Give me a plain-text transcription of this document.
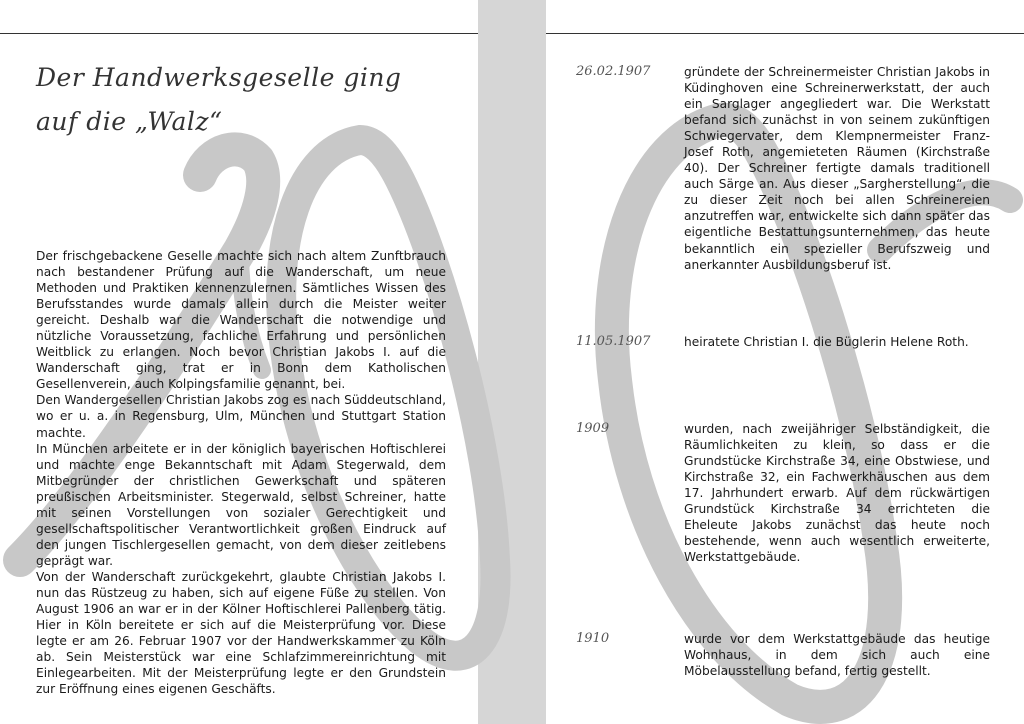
Der Handwerksgeselle ging
auf die „Walz“

Der frischgebackene Geselle machte sich nach altem Zunftbrauch nach bestandener Prüfung auf die Wanderschaft, um neue Methoden und Praktiken kennenzulernen. Sämtliches Wissen des Berufsstandes wurde damals allein durch die Meister weiter gereicht. Deshalb war die Wanderschaft die notwendige und nützliche Voraussetzung, fachliche Erfahrung und persönlichen Weitblick zu erlangen. Noch bevor Christian Jakobs I. auf die Wanderschaft ging, trat er in Bonn dem Katholischen Gesellenverein, auch Kolpingsfamilie genannt, bei.

Den Wandergesellen Christian Jakobs zog es nach Süddeutschland, wo er u. a. in Regensburg, Ulm, München und Stuttgart Station machte.

In München arbeitete er in der königlich bayerischen Hoftischlerei und machte enge Bekanntschaft mit Adam Stegerwald, dem Mitbegründer der christlichen Gewerkschaft und späteren preußischen Arbeitsminister. Stegerwald, selbst Schreiner, hatte mit seinen Vorstellungen von sozialer Gerechtigkeit und gesellschaftspolitischer Verantwortlichkeit großen Eindruck auf den jungen Tischlergesellen gemacht, von dem dieser zeitlebens geprägt war.

Von der Wanderschaft zurückgekehrt, glaubte Christian Jakobs I. nun das Rüstzeug zu haben, sich auf eigene Füße zu stellen. Von August 1906 an war er in der Kölner Hoftischlerei Pallenberg tätig. Hier in Köln bereitete er sich auf die Meisterprüfung vor. Diese legte er am 26. Februar 1907 vor der Handwerkskammer zu Köln ab. Sein Meisterstück war eine Schlafzimmereinrichtung mit Einlegearbeiten. Mit der Meisterprüfung legte er den Grundstein zur Eröffnung eines eigenen Geschäfts.

26.02.1907	gründete der Schreinermeister Christian Jakobs in Küdinghoven eine Schreinerwerkstatt, der auch ein Sarglager angegliedert war. Die Werkstatt befand sich zunächst in von seinem zukünftigen Schwiegervater, dem Klempnermeister Franz-Josef Roth, angemieteten Räumen (Kirchstraße 40). Der Schreiner fertigte damals traditionell auch Särge an. Aus dieser „Sargherstellung“, die zu dieser Zeit noch bei allen Schreinereien anzutreffen war, entwickelte sich dann später das eigentliche Bestattungsunternehmen, das heute bekanntlich ein spezieller Berufszweig und anerkannter Ausbildungsberuf ist.
11.05.1907	heiratete Christian I. die Büglerin Helene Roth.
1909	wurden, nach zweijähriger Selbständigkeit, die Räumlichkeiten zu klein, so dass er die Grundstücke Kirchstraße 34, eine Obstwiese, und Kirchstraße 32, ein Fachwerkhäuschen aus dem 17. Jahrhundert erwarb. Auf dem rückwärtigen Grundstück Kirchstraße 34 errichteten die Eheleute Jakobs zunächst das heute noch bestehende, wenn auch wesentlich erweiterte, Werkstattgebäude.
1910	wurde vor dem Werkstattgebäude das heutige Wohnhaus, in dem sich auch eine Möbelausstellung befand, fertig gestellt.
